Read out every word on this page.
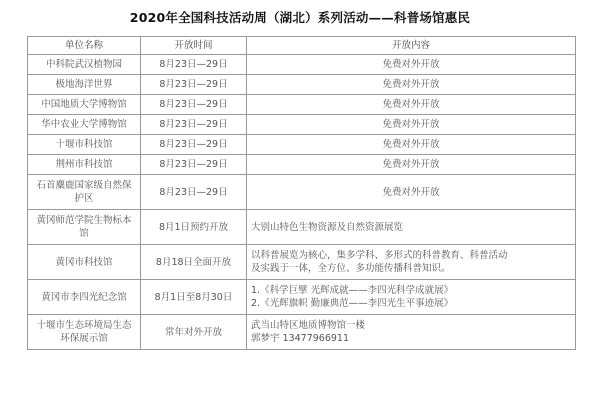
2020年全国科技活动周（湖北）系列活动——科普场馆惠民
单位名称	开放时间	开放内容
中科院武汉植物园	8月23日—29日	免费对外开放

极地海洋世界	8月23日—29日	免费对外开放

中国地质大学博物馆	8月23日—29日	免费对外开放

华中农业大学博物馆	8月23日—29日	免费对外开放

十堰市科技馆	8月23日—29日	免费对外开放

荆州市科技馆	8月23日—29日	免费对外开放

石首麋鹿国家级自然保护区	8月23日—29日	免费对外开放

黄冈师范学院生物标本馆	8月1日预约开放	大别山特色生物资源及自然资源展览

黄冈市科技馆	8月18日全面开放	以科普展览为核心，集多学科、多形式的科普教育、科普活动
及实践于一体，全方位、多功能传播科普知识。

黄冈市李四光纪念馆	8月1日至8月30日	1.《科学巨擘 光辉成就——李四光科学成就展》
2.《光辉旗帜 勤廉典范——李四光生平事迹展》

十堰市生态环境局生态环保展示馆	常年对外开放	武当山特区地质博物馆一楼
郭梦宇 13477966911
